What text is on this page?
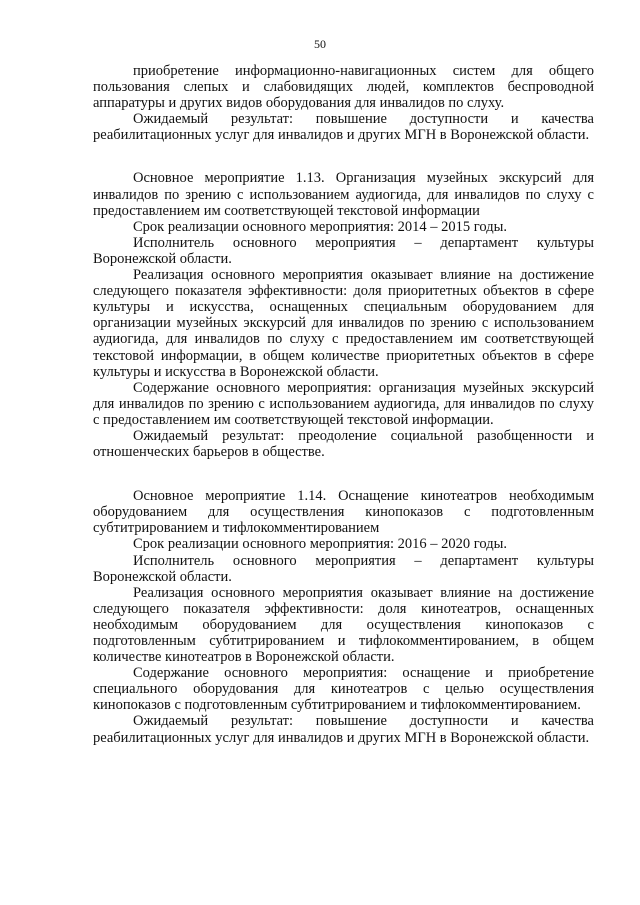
50

приобретение информационно-навигационных систем для общего пользования слепых и слабовидящих людей, комплектов беспроводной аппаратуры и других видов оборудования для инвалидов по слуху.

Ожидаемый результат: повышение доступности и качества реабилитационных услуг для инвалидов и других МГН в Воронежской области.

Основное мероприятие 1.13. Организация музейных экскурсий для инвалидов по зрению с использованием аудиогида, для инвалидов по слуху с предоставлением им соответствующей текстовой информации

Срок реализации основного мероприятия: 2014 – 2015 годы.

Исполнитель основного мероприятия – департамент культуры Воронежской области.

Реализация основного мероприятия оказывает влияние на достижение следующего показателя эффективности: доля приоритетных объектов в сфере культуры и искусства, оснащенных специальным оборудованием для организации музейных экскурсий для инвалидов по зрению с использованием аудиогида, для инвалидов по слуху с предоставлением им соответствующей текстовой информации, в общем количестве приоритетных объектов в сфере культуры и искусства в Воронежской области.

Содержание основного мероприятия: организация музейных экскурсий для инвалидов по зрению с использованием аудиогида, для инвалидов по слуху с предоставлением им соответствующей текстовой информации.

Ожидаемый результат: преодоление социальной разобщенности и отношенческих барьеров в обществе.

Основное мероприятие 1.14. Оснащение кинотеатров необходимым оборудованием для осуществления кинопоказов с подготовленным субтитрированием и тифлокомментированием

Срок реализации основного мероприятия: 2016 – 2020 годы.

Исполнитель основного мероприятия – департамент культуры Воронежской области.

Реализация основного мероприятия оказывает влияние на достижение следующего показателя эффективности: доля кинотеатров, оснащенных необходимым оборудованием для осуществления кинопоказов с подготовленным субтитрированием и тифлокомментированием, в общем количестве кинотеатров в Воронежской области.

Содержание основного мероприятия: оснащение и приобретение специального оборудования для кинотеатров с целью осуществления кинопоказов с подготовленным субтитрированием и тифлокомментированием.

Ожидаемый результат: повышение доступности и качества реабилитационных услуг для инвалидов и других МГН в Воронежской области.
